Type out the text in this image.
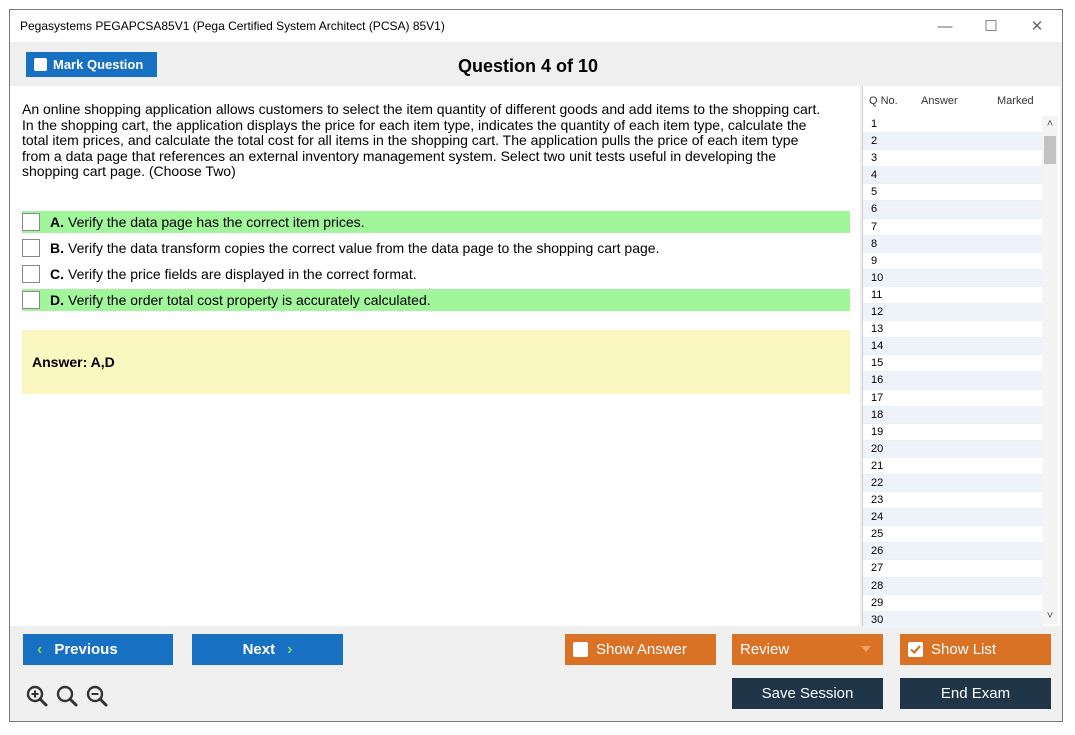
Pegasystems PEGAPCSA85V1 (Pega Certified System Architect (PCSA) 85V1)	—	☐	✕
Mark Question	Question 4 of 10
An online shopping application allows customers to select the item quantity of different goods and add items to the shopping cart. In the shopping cart, the application displays the price for each item type, indicates the quantity of each item type, calculate the total item prices, and calculate the total cost for all items in the shopping cart. The application pulls the price of each item type from a data page that references an external inventory management system. Select two unit tests useful in developing the shopping cart page. (Choose Two)
A. Verify the data page has the correct item prices.
B. Verify the data transform copies the correct value from the data page to the shopping cart page.
C. Verify the price fields are displayed in the correct format.
D. Verify the order total cost property is accurately calculated.
Answer: A,D
Q No. Answer	Marked
1
2
3
4
5
6
7
8
9
10
11
12
13
14
15
16
17
18
19
20
21
22
23
24
25
26
27
28
29
30
˄
˅
‹ Previous	Next ›	Show Answer	Review	Show List
Save Session	End Exam
